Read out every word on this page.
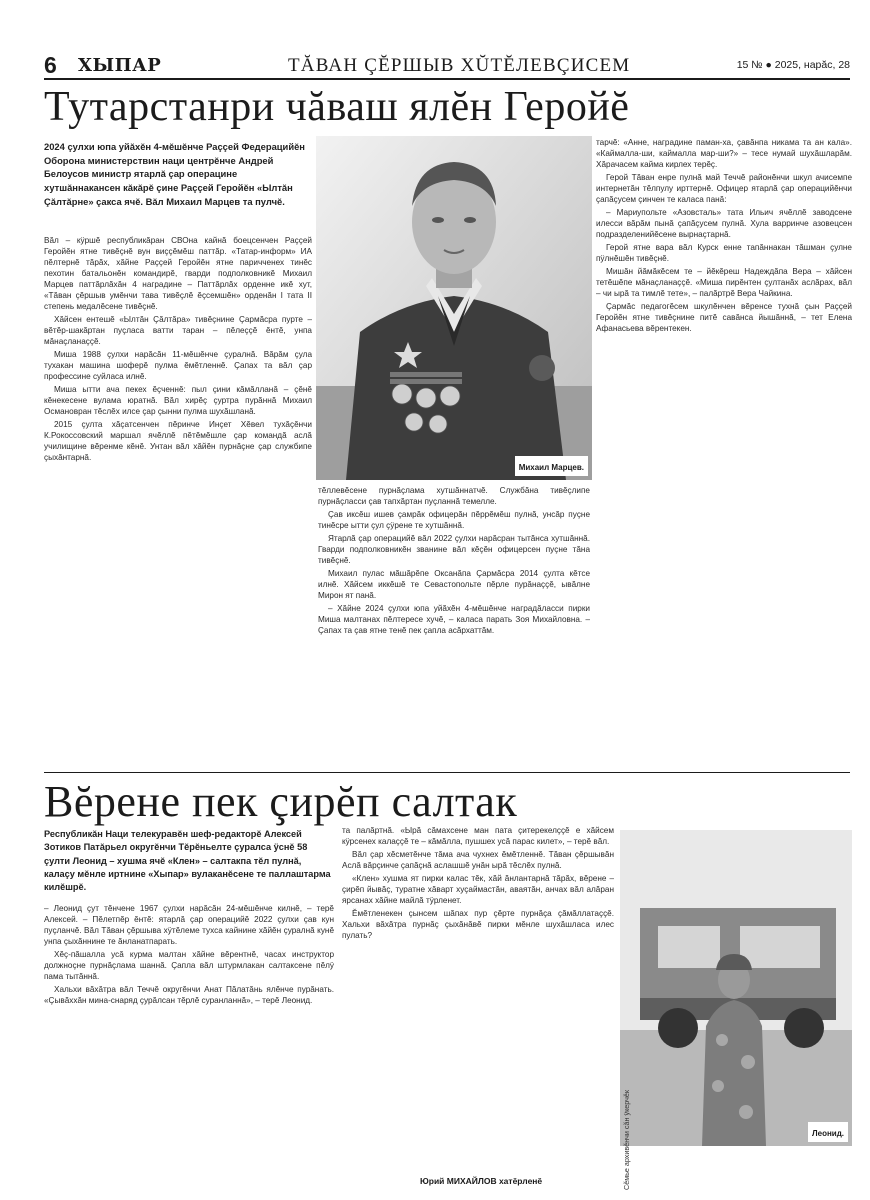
6 ХЫПАР	ТĂВАН ÇĔРШЫВ ХŬТĔЛЕВÇИСЕМ	15 № ● 2025, нарăс, 28
Тутарстанри чăваш ялĕн Геройĕ
2024 çулхи юпа уйăхĕн 4-мĕшĕнче Раççей Федерацийĕн Оборона министерствин наци центрĕнче Андрей Белоусов министр ятарлă çар операцине хутшăннакансен кăкăрĕ çине Раççей Геройĕн «Ылтăн Çăлтăрне» çакса ячĕ. Вăл Михаил Марцев та пулчĕ.
Михаил Марцев.

Вăл – кÿршĕ республикăран СВОна кайнă боецсенчен Раççей Геройĕн ятне тивĕçнĕ вун виççĕмĕш паттăр. «Татар-информ» ИА пĕлтернĕ тăрăх, хăйне Раççей Геройĕн ятне паричченех тинĕс пехотин батальонĕн командирĕ, гварди подполковникĕ Михаил Марцев паттăрлăхăн 4 наградине – Паттăрлăх орденне икĕ хут, «Тăван çĕршыв умĕнчи тава тивĕçлĕ ĕçсемшĕн» орденăн I тата II степень медалĕсене тивĕçнĕ.

Хăйсен ентешĕ «Ылтăн Çăлтăра» тивĕçнине Çармăсра пурте – вĕтĕр-шакăртан пуçласа ватти таран – пĕлеççĕ ĕнтĕ, унпа мăнаçланаççĕ.

Миша 1988 çулхи нарăсăн 11-мĕшĕнче çуралнă. Вăрăм çула тухакан машина шоферĕ пулма ĕмĕтленнĕ. Çапах та вăл çар профессине суйласа илнĕ.

Миша ытти ача пекех ĕçченнĕ: пыл çини кăмăлланă – çĕнĕ кĕнекесене вулама юратнă. Вăл хирĕç çуртра пурăннă Михаил Османовран тĕслĕх илсе çар çынни пулма шухăшланă.

2015 çулта хăçатсенчен пĕринче Инçет Хĕвел тухăçĕнчи К.Рокоссовский маршал ячĕллĕ пĕтĕмĕшле çар командă аслă училищине вĕренме кĕнĕ. Унтан вăл хăйĕн пурнăçне çар службипе çыхăнтарнă.

тĕллевĕсене пурнăçлама хутшăннатчĕ. Службăна тивĕçлипе пурнăçласси çав тапхăртан пуçланнă темелле.

Çав иксĕш ишев çамрăк офицерăн пĕррĕмĕш пулнă, унсăр пуçне тинĕсре ытти çул çÿрене те хутшăннă.

Ятарлă çар операцийĕ вăл 2022 çулхи нарăсран тытăнса хутшăннă. Гварди подполковникĕн званине вăл кĕçĕн офицерсен пуçне тăна тивĕçнĕ.

Михаил пулас мăшăрĕпе Оксанăпа Çармăсра 2014 çулта кĕтсе илнĕ. Хăйсем иккĕшĕ те Севастопольте пĕрле пурăнаççĕ, ывăлне Мирон ят панă.

– Хăйне 2024 çулхи юпа уйăхĕн 4-мĕшĕнче наградăласси пирки Миша малтанах пĕлтересе хучĕ, – каласа парать Зоя Михайловна. – Çапах та çав ятне тенĕ пек çапла асăрхаттăм.

тарчĕ: «Анне, наградине паман-ха, çавăнпа никама та ан кала». «Каймалла-ши, каймалла мар-ши?» – тесе нумай шухăшларăм. Хăрачасем кайма кирлех терĕç.

Герой Тăван енре пулнă май Теччĕ районĕнчи шкул ачисемпе интернетăн тĕлпулу ирттернĕ. Офицер ятарлă çар операцийĕнчи çапăçусем çинчен те каласа панă:

– Мариупольте «Азовсталь» тата Ильич ячĕллĕ заводсене илесси вăрăм пынă çапăçусем пулнă. Хула варринче азовецсен подразделенийĕсене вырнаçтарнă.

Герой ятне вара вăл Курск енне тапăннакан тăшман çулне пÿлнĕшĕн тивĕçнĕ.

Мишăн йăмăкĕсем те – йĕкĕреш Надеждăпа Вера – хăйсен тетĕшĕпе мăнаçланаççĕ. «Миша пирĕнтен çултанăх аслăрах, вăл – чи ырă та тимлĕ тете», – палăртрĕ Вера Чайкина.

Çармăс педагогĕсем шкулĕнчен вĕренсе тухнă çын Раççей Геройĕн ятне тивĕçнине питĕ савăнса йышăннă, – тет Елена Афанасьева вĕрентекен.

Вĕрене пек çирĕп салтак
Республикăн Наци телекуравĕн шеф-редакторĕ Алексей Зотиков Патăрьел округĕнчи Тĕрĕньелте çуралса ÿснĕ 58 çулти Леонид – хушма ячĕ «Клен» – салтакпа тĕл пулнă, калаçу мĕнле иртнине «Хыпар» вулаканĕсене те паллаштарма килĕшрĕ.

– Леонид çут тĕнчене 1967 çулхи нарăсăн 24-мĕшĕнче килнĕ, – терĕ Алексей. – Пĕлетпĕр ĕнтĕ: ятарлă çар операцийĕ 2022 çулхи çав кун пуçланчĕ. Вăл Тăван çĕршыва хÿтĕлеме тухса кайнине хăйĕн çуралнă кунĕ унпа çыхăннине те ăнланатпарать.

Хĕç-пăшалла усă курма малтан хăйне вĕрентнĕ, часах инструктор должноçне пурнăçлама шаннă. Çапла вăл штурмлакан салтаксене пĕлÿ пама тытăннă.

Хальхи вăхăтра вăл Теччĕ округĕнчи Анат Пăлатăнь ялĕнче пурăнать. «Çывăххăн мина-снаряд çурăлсан тĕрлĕ суранланнă», – терĕ Леонид.

та палăртнă. «Ырă сăмахсене ман пата çитерекелççĕ е хăйсем кÿрсенех калаççĕ те – кăмăлла, пушшех усă парас килет», – терĕ вăл.

Вăл çар хĕсметĕнче тăма ача чухнех ĕмĕтленнĕ. Тăван çĕршывăн Аслă вăрçинче çапăçнă аслашшĕ унăн ырă тĕслĕх пулнă.

«Клен» хушма ят пирки калас тĕк, хăй ăнлантарнă тăрăх, вĕрене – çирĕп йывăç, туратне хăварт хуçаймастăн, аваятăн, анчах вăл алăран ярсанах хăйне майлă тÿрленет.

Ĕмĕтленекен çынсем шăпах пур çĕрте пурнăçа çăмăллатаççĕ. Хальхи вăхăтра пурнăç çыхăнăвĕ пирки мĕнле шухăшласа илес пулать?

Юрий МИХАЙЛОВ хатĕрленĕ
Леонид.
Сĕмье архивĕнчи сăн ÿкерчĕк
